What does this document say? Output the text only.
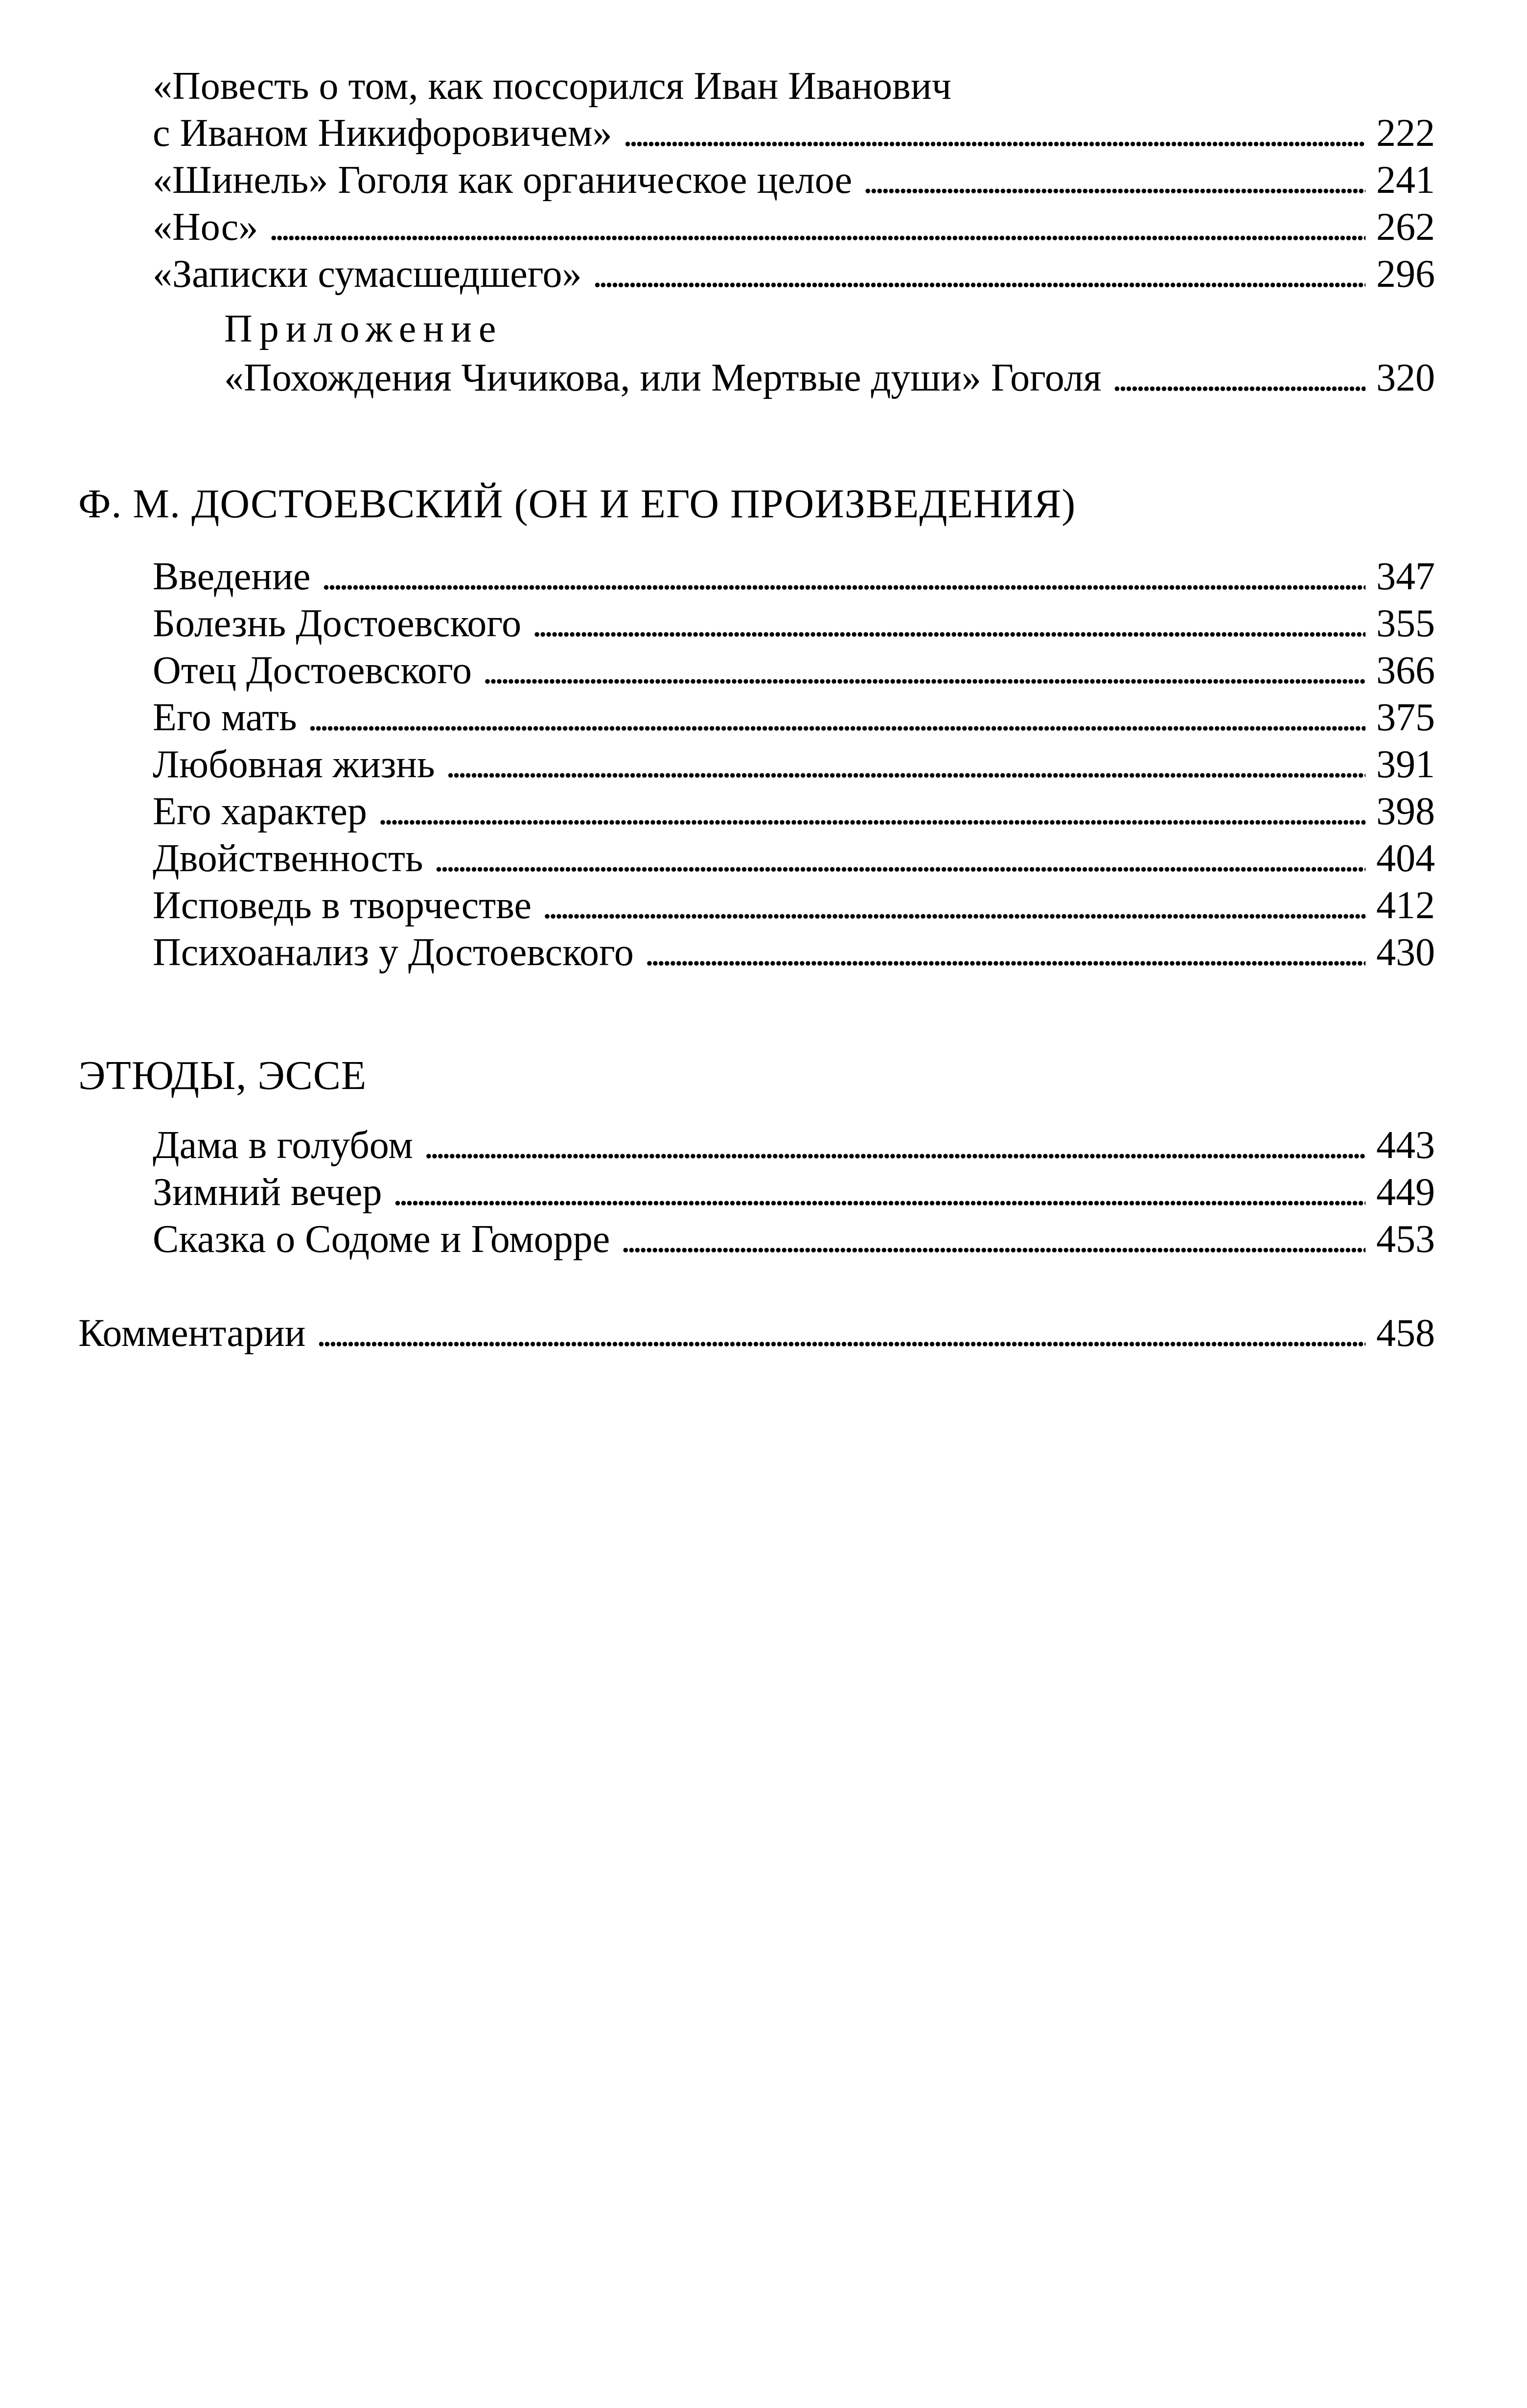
«Повесть о том, как поссорился Иван Иванович
с Иваном Никифоровичем» . . .	222
«Шинель» Гоголя как органическое целое . . .	241
«Нос» . . .	262
«Записки сумасшедшего» . . .	296
Приложение
«Похождения Чичикова, или Мертвые души» Гоголя . . .	320
Ф. М. ДОСТОЕВСКИЙ (ОН И ЕГО ПРОИЗВЕДЕНИЯ)
Введение . . .	347
Болезнь Достоевского . . .	355
Отец Достоевского . . .	366
Его мать . . .	375
Любовная жизнь . . .	391
Его характер . . .	398
Двойственность . . .	404
Исповедь в творчестве . . .	412
Психоанализ у Достоевского . . .	430
ЭТЮДЫ, ЭССЕ
Дама в голубом . . .	443
Зимний вечер . . .	449
Сказка о Содоме и Гоморре . . .	453
Комментарии . . .	458
